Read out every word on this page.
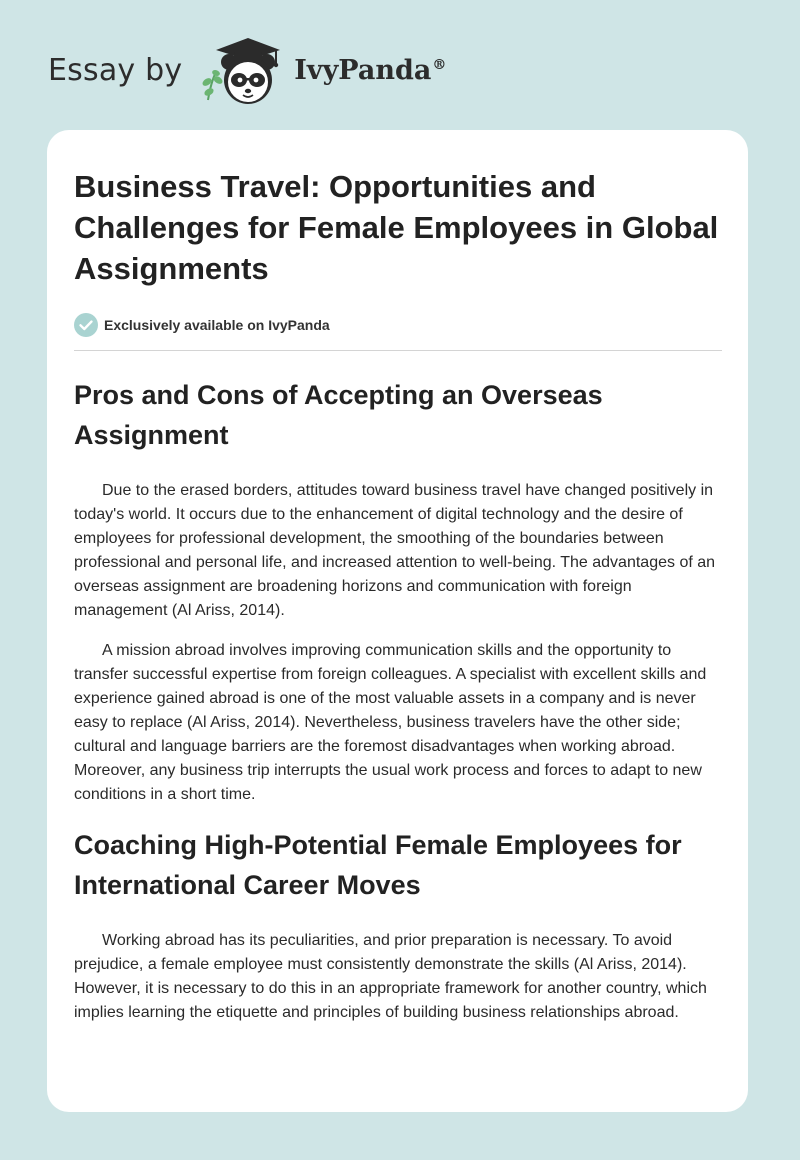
Essay by	IvyPanda®
Business Travel: Opportunities and Challenges for Female Employees in Global Assignments
Exclusively available on IvyPanda
Pros and Cons of Accepting an Overseas Assignment

Due to the erased borders, attitudes toward business travel have changed positively in today's world. It occurs due to the enhancement of digital technology and the desire of employees for professional development, the smoothing of the boundaries between professional and personal life, and increased attention to well-being. The advantages of an overseas assignment are broadening horizons and communication with foreign management (Al Ariss, 2014).

A mission abroad involves improving communication skills and the opportunity to transfer successful expertise from foreign colleagues. A specialist with excellent skills and experience gained abroad is one of the most valuable assets in a company and is never easy to replace (Al Ariss, 2014). Nevertheless, business travelers have the other side; cultural and language barriers are the foremost disadvantages when working abroad. Moreover, any business trip interrupts the usual work process and forces to adapt to new conditions in a short time.

Coaching High-Potential Female Employees for International Career Moves

Working abroad has its peculiarities, and prior preparation is necessary. To avoid prejudice, a female employee must consistently demonstrate the skills (Al Ariss, 2014). However, it is necessary to do this in an appropriate framework for another country, which implies learning the etiquette and principles of building business relationships abroad.
